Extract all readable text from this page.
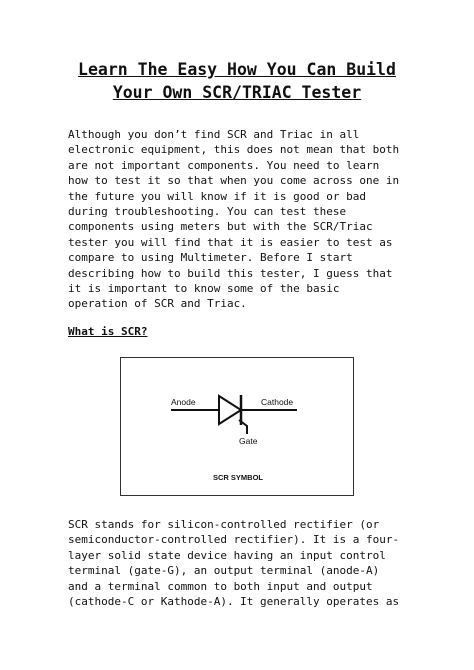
Learn The Easy How You Can Build
Your Own SCR/TRIAC Tester
Although you don’t find SCR and Triac in all
electronic equipment, this does not mean that both
are not important components. You need to learn
how to test it so that when you come across one in
the future you will know if it is good or bad
during troubleshooting. You can test these
components using meters but with the SCR/Triac
tester you will find that it is easier to test as
compare to using Multimeter. Before I start
describing how to build this tester, I guess that
it is important to know some of the basic
operation of SCR and Triac.
What is SCR?
Anode	Cathode
Gate
SCR SYMBOL
SCR stands for silicon-controlled rectifier (or
semiconductor-controlled rectifier). It is a four-
layer solid state device having an input control
terminal (gate-G), an output terminal (anode-A)
and a terminal common to both input and output
(cathode-C or Kathode-A). It generally operates as
